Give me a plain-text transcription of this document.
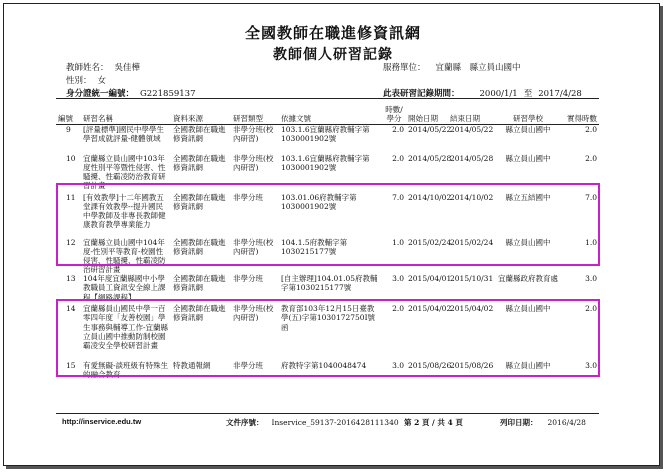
全國教師在職進修資訊網
教師個人研習記錄
教師姓名： 吳佳樺
性別： 女
身分證統一編號： G221859137
服務單位： 宜蘭縣　縣立員山國中
此表研習記錄期間： 2000/1/1 至 2017/4/28
編號	研習名稱	資料來源	研習類型	依據文號	時數/學分	開始日期	結束日期	研習學校	實得時數
9	[評量標準]國民中學學生學習成就評量-健體領域	全國教師在職進修資訊網	非學分班(校內研習)	103.1.6宜蘭縣府教輔字第1030001902號	2.0	2014/05/22	2014/05/22	縣立員山國中	2.0
10	宜蘭縣立員山國中103年度性別平等暨性侵害、性騷擾、性霸凌防治教育研習計畫	全國教師在職進修資訊網	非學分班(校內研習)	103.1.6宜蘭縣府教輔字第1030001902號	2.0	2014/05/28	2014/05/28	縣立員山國中	2.0
11	[有效教學]十二年國教五堂課有效教學--提升國民中學教師及非專長教師健康教育教學專業能力	全國教師在職進修資訊網	非學分班	103.01.06府教輔字第1030001902號	7.0	2014/10/02	2014/10/02	縣立五結國中	7.0
12	宜蘭縣立員山國中104年度-性別平等教育-校園性侵害、性騷擾、性霸凌防治研習計畫	全國教師在職進修資訊網	非學分班(校內研習)	104.1.5府教輔字第1030215177號	1.0	2015/02/24	2015/02/24	縣立員山國中	1.0
13	104年度宜蘭縣國中小學教職員工資訊安全線上課程【網路課程】	全國教師在職進修資訊網	非學分班	[自主辦理]104.01.05府教輔字第1030215177號	3.0	2015/04/01	2015/10/31	宜蘭縣政府教育處	3.0
14	宜蘭縣員山國民中學一百零四年度「友善校園」學生事務與輔導工作-宜蘭縣立員山國中推動防制校園霸凌安全學校研習計畫	全國教師在職進修資訊網	非學分班(校內研習)	教育部103年12月15日臺教學(五)字第1030172750I號函	2.0	2015/04/02	2015/04/02	縣立員山國中	2.0
15	有愛無礙-談班級有特殊生的融合教育	特教通報網	非學分班	府教特字第1040048474	3.0	2015/08/26	2015/08/26	縣立員山國中	3.0
http://inservice.edu.tw	文件序號： Inservice_59137-2016428111340 第 2 頁 / 共 4 頁	列印日期： 2016/4/28
